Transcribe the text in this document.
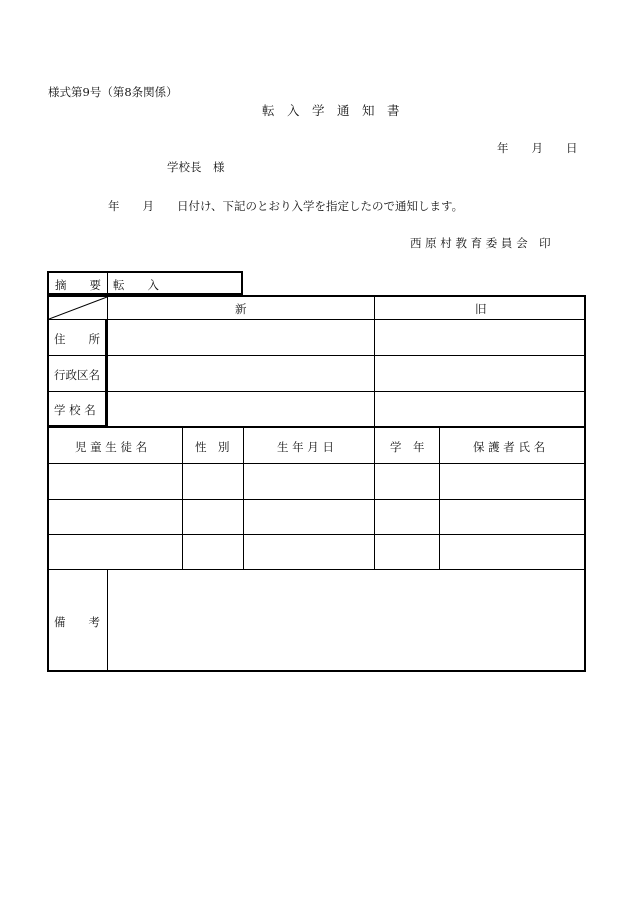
様式第9号（第8条関係）
転　入　学　通　知　書
年　　月　　日
学校長　様
年　　月　　日付け、下記のとおり入学を指定したので通知します。
西 原 村 教 育 委 員 会　印
摘　　要 転　　入
新	旧
住　　所
行政区名
学 校 名
児 童 生 徒 名	性　別	生 年 月 日	学　年	保 護 者 氏 名
備　　考
